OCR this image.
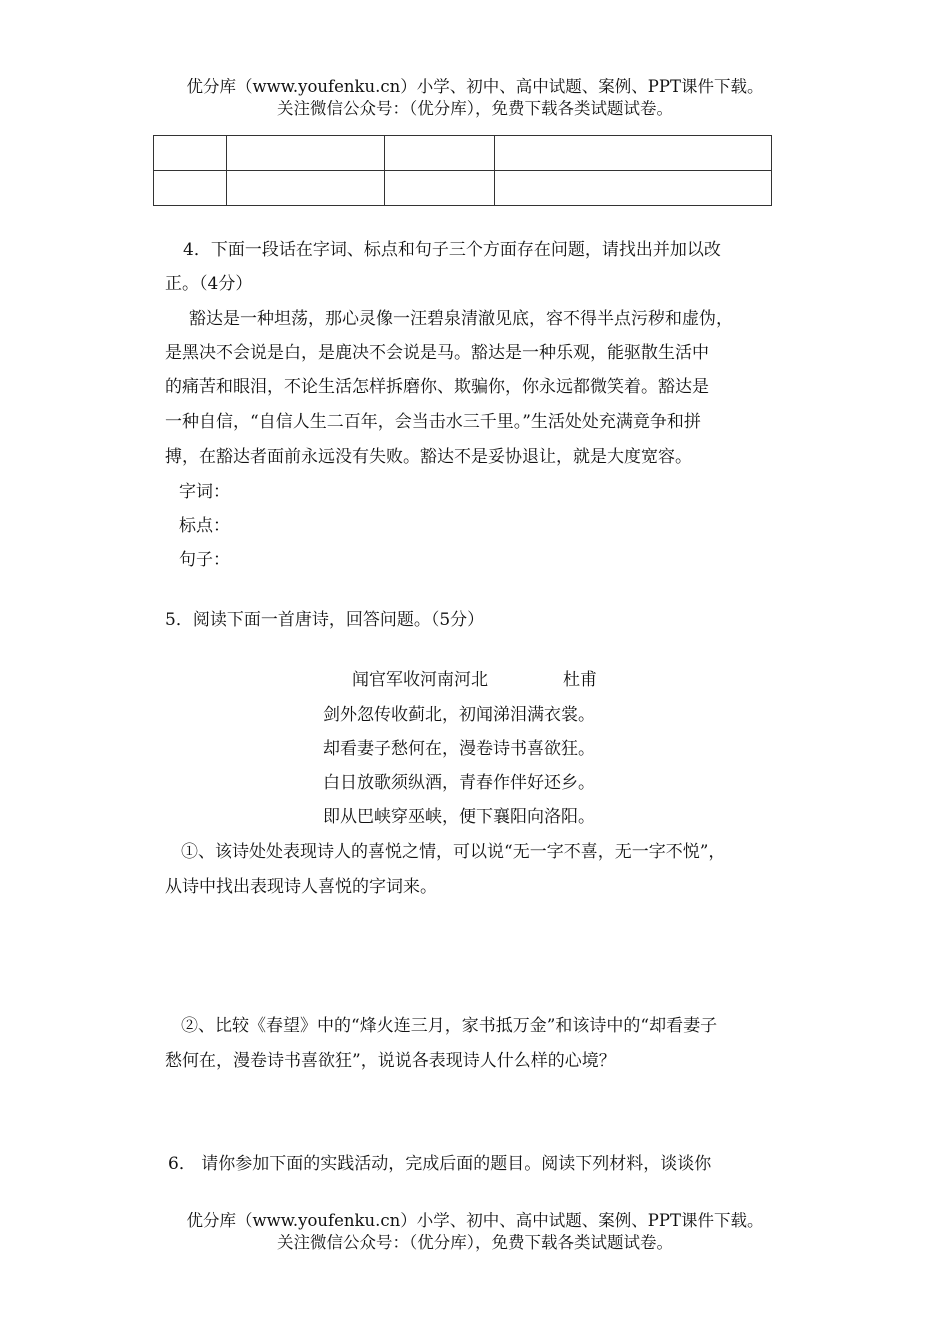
优分库（www.youfenku.cn）小学、初中、高中试题、案例、PPT课件下载。
关注微信公众号：（优分库），免费下载各类试题试卷。

4．下面一段话在字词、标点和句子三个方面存在问题，请找出并加以改
正。（4分）
豁达是一种坦荡，那心灵像一汪碧泉清澈见底，容不得半点污秽和虚伪，
是黑决不会说是白，是鹿决不会说是马。豁达是一种乐观，能驱散生活中
的痛苦和眼泪，不论生活怎样拆磨你、欺骗你，你永远都微笑着。豁达是
一种自信，“自信人生二百年，会当击水三千里。”生活处处充满竟争和拼
搏，在豁达者面前永远没有失败。豁达不是妥协退让，就是大度宽容。
字词：
标点：
句子：
5．阅读下面一首唐诗，回答问题。（5分）
闻官军收河南河北	杜甫
剑外忽传收蓟北，初闻涕泪满衣裳。
却看妻子愁何在，漫卷诗书喜欲狂。
白日放歌须纵酒，青春作伴好还乡。
即从巴峡穿巫峡，便下襄阳向洛阳。
①、该诗处处表现诗人的喜悦之情，可以说“无一字不喜，无一字不悦”，
从诗中找出表现诗人喜悦的字词来。
②、比较《春望》中的“烽火连三月，家书抵万金”和该诗中的“却看妻子
愁何在，漫卷诗书喜欲狂”，说说各表现诗人什么样的心境？
6． 请你参加下面的实践活动，完成后面的题目。阅读下列材料，谈谈你
优分库（www.youfenku.cn）小学、初中、高中试题、案例、PPT课件下载。
关注微信公众号：（优分库），免费下载各类试题试卷。
